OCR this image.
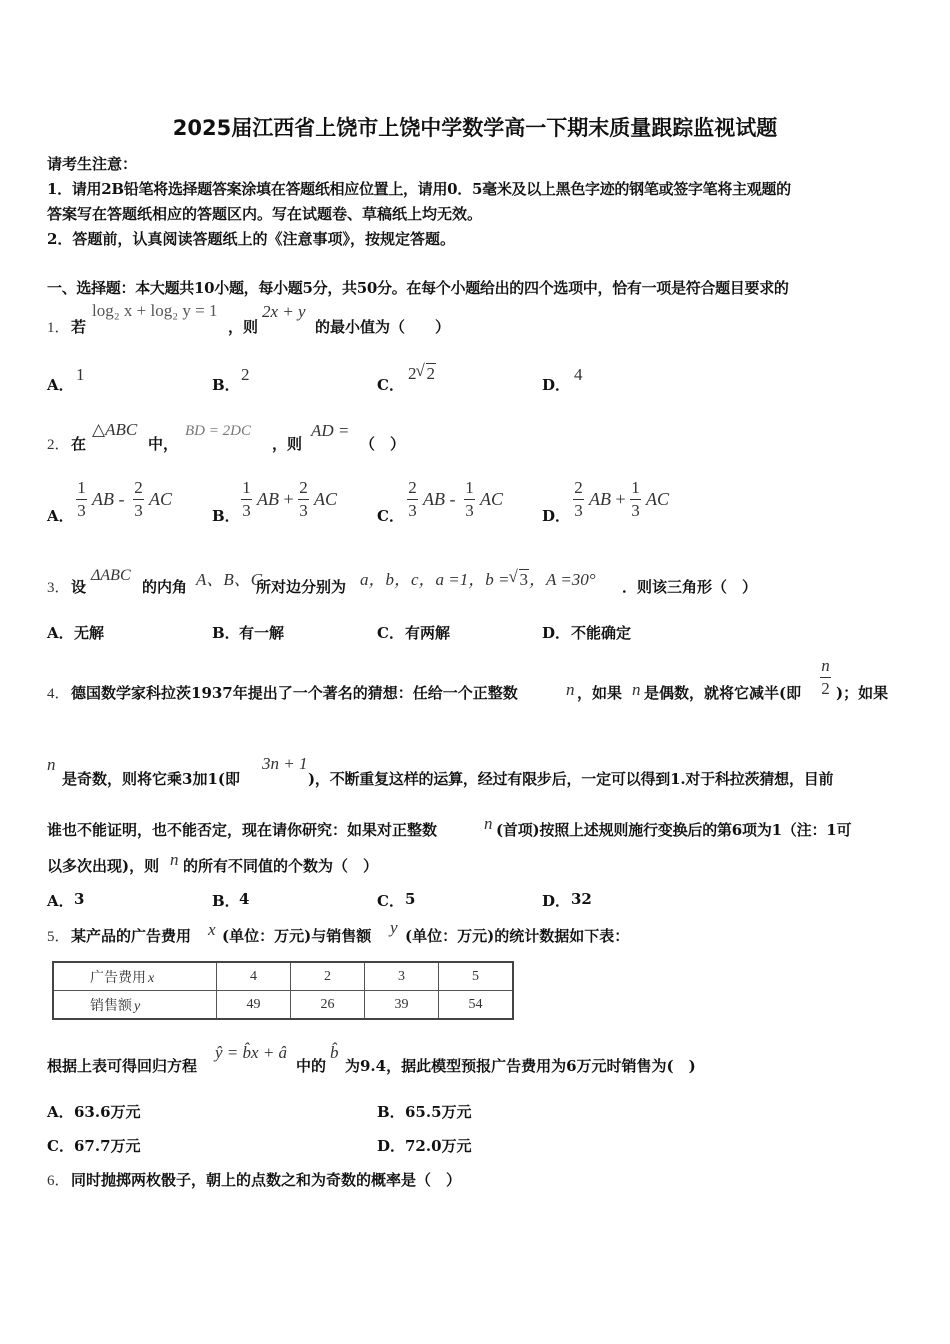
2025届江西省上饶市上饶中学数学高一下期末质量跟踪监视试题
请考生注意：
1．请用2B铅笔将选择题答案涂填在答题纸相应位置上，请用0．5毫米及以上黑色字迹的钢笔或签字笔将主观题的
答案写在答题纸相应的答题区内。写在试题卷、草稿纸上均无效。
2．答题前，认真阅读答题纸上的《注意事项》，按规定答题。
一、选择题：本大题共10小题，每小题5分，共50分。在每个小题给出的四个选项中，恰有一项是符合题目要求的
1． 若
log₂ x + log₂ y = 1
，则
2x + y
的最小值为（　　）
A．
1
B．
2
C．
2 √ 2
D．
4
2． 在
△ABC
中，
BD = 2DC
，则
AD =
（　）
A．
1
3
AB -
2
3
AC
B．
1
3
AB +
2
3
AC
C．
2
3
AB -
1
3
AC
D．
2
3
AB +
1
3
AC
3． 设
ΔABC
的内角 A、B、C
所对边分别为 a，b，c，a =1，b = √ 3，A =30° ．则该三角形（　）
A． 无解	B． 有一解	C． 有两解	D． 不能确定
4． 德国数学家科拉茨1937年提出了一个著名的猜想：任给一个正整数	n ，如果 n 是偶数，就将它减半(即
n
2 )；如果
n
是奇数，则将它乘3加1(即
3n + 1
)，不断重复这样的运算，经过有限步后，一定可以得到1.对于科拉茨猜想，目前
谁也不能证明，也不能否定，现在请你研究：如果对正整数	n (首项)按照上述规则施行变换后的第6项为1（注：1可
以多次出现)，则 n 的所有不同值的个数为（　）
A． 3	B． 4	C． 5	D． 32
5． 某产品的广告费用 x (单位：万元)与销售额 y (单位：万元)的统计数据如下表：
广告费用 x	4	2	3	5
销售额 y	49	26	39	54
根据上表可得回归方程
ŷ = b̂x + â
中的
b̂
为9.4，据此模型预报广告费用为6万元时销售为(　)
A． 63.6万元	B． 65.5万元
C． 67.7万元	D． 72.0万元
6． 同时抛掷两枚骰子，朝上的点数之和为奇数的概率是（　）
